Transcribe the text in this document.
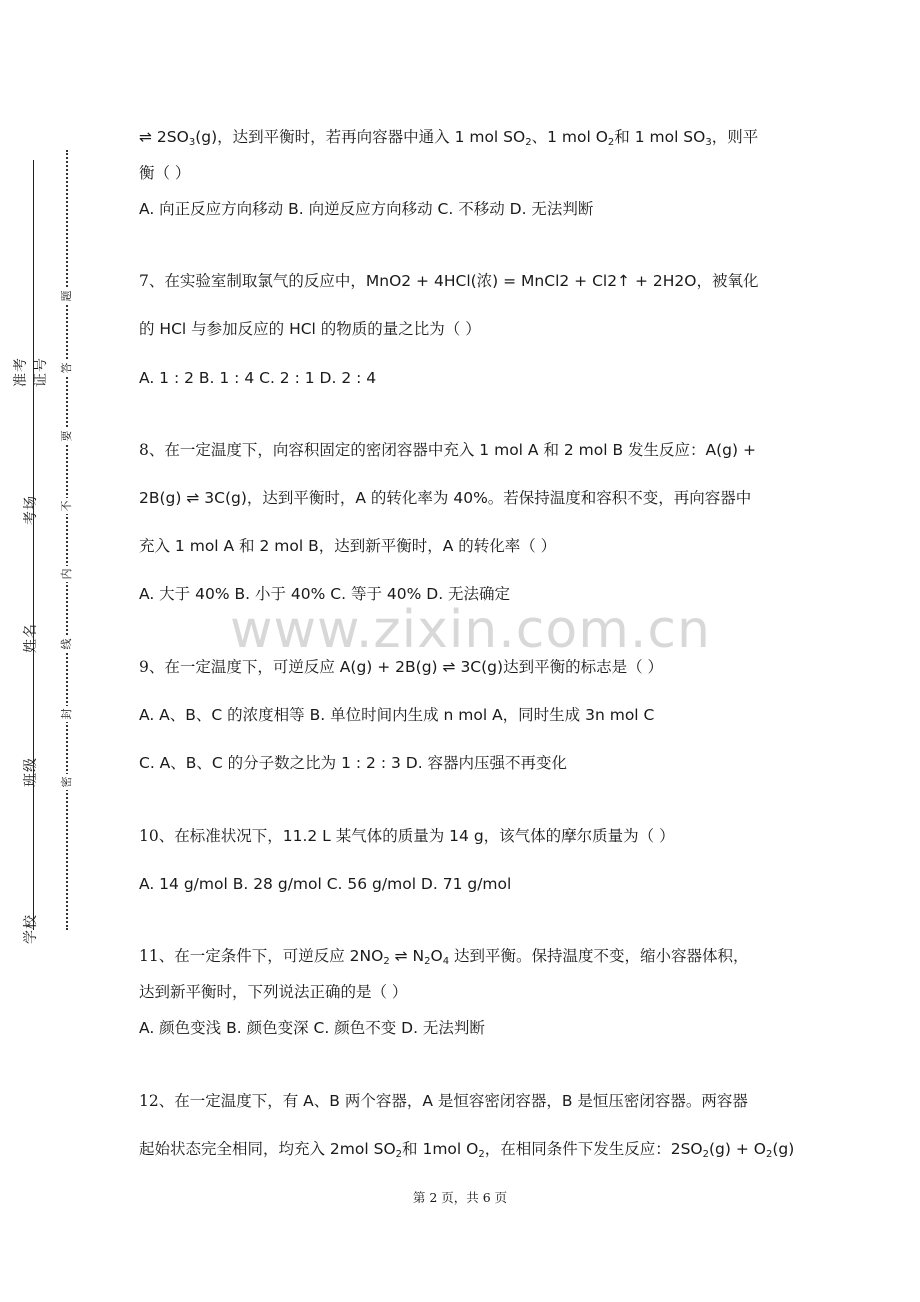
准考证号
考场
姓名
班级
学校
题
答
要
不
内
线
封
密
www.zixin.com.cn
⇌ $2SO_3(g)$，达到平衡时，若再向容器中通入 1 mol $SO_2$、1 mol $O_2$和 1 mol $SO_3$，则平
衡（ ）
A. 向正反应方向移动 B. 向逆反应方向移动 C. 不移动 D. 无法判断
7、在实验室制取氯气的反应中，MnO2 + 4HCl(浓) = MnCl2 + Cl2↑ + 2H2O，被氧化
的 HCl 与参加反应的 HCl 的物质的量之比为（ ）
A. 1 : 2 B. 1 : 4 C. 2 : 1 D. 2 : 4
8、在一定温度下，向容积固定的密闭容器中充入 1 mol A 和 2 mol B 发生反应：A(g) +
2B(g) ⇌ 3C(g)，达到平衡时，A 的转化率为 40%。若保持温度和容积不变，再向容器中
充入 1 mol A 和 2 mol B，达到新平衡时，A 的转化率（ ）
A. 大于 40% B. 小于 40% C. 等于 40% D. 无法确定
9、在一定温度下，可逆反应 A(g) + 2B(g) ⇌ 3C(g)达到平衡的标志是（ ）
A. A、B、C 的浓度相等 B. 单位时间内生成 n mol A，同时生成 3n mol C
C. A、B、C 的分子数之比为 1 : 2 : 3 D. 容器内压强不再变化
10、在标准状况下，11.2 L 某气体的质量为 14 g，该气体的摩尔质量为（ ）
A. 14 g/mol B. 28 g/mol C. 56 g/mol D. 71 g/mol
11、在一定条件下，可逆反应 $2NO_2$ ⇌ $N_2O_4$ 达到平衡。保持温度不变，缩小容器体积，
达到新平衡时，下列说法正确的是（ ）
A. 颜色变浅 B. 颜色变深 C. 颜色不变 D. 无法判断
12、在一定温度下，有 A、B 两个容器，A 是恒容密闭容器，B 是恒压密闭容器。两容器
起始状态完全相同，均充入 2mol $SO_2$和 1mol $O_2$，在相同条件下发生反应：$2SO_2(g) + O_2(g)$
第 2 页，共 6 页
